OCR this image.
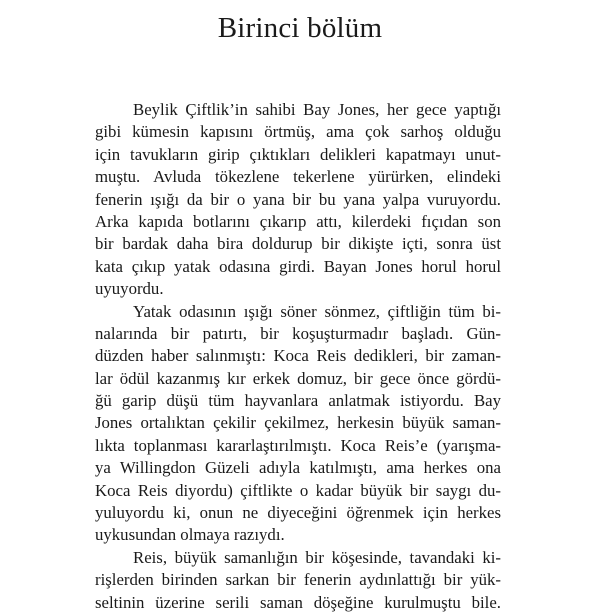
Birinci bölüm
Beylik Çiftlik’in sahibi Bay Jones, her gece yaptığı
gibi kümesin kapısını örtmüş, ama çok sarhoş olduğu
için tavukların girip çıktıkları delikleri kapatmayı unut-
muştu. Avluda tökezlene tekerlene yürürken, elindeki
fenerin ışığı da bir o yana bir bu yana yalpa vuruyordu.
Arka kapıda botlarını çıkarıp attı, kilerdeki fıçıdan son
bir bardak daha bira doldurup bir dikişte içti, sonra üst
kata çıkıp yatak odasına girdi. Bayan Jones horul horul
uyuyordu.
Yatak odasının ışığı söner sönmez, çiftliğin tüm bi-
nalarında bir patırtı, bir koşuşturmadır başladı. Gün-
düzden haber salınmıştı: Koca Reis dedikleri, bir zaman-
lar ödül kazanmış kır erkek domuz, bir gece önce gördü-
ğü garip düşü tüm hayvanlara anlatmak istiyordu. Bay
Jones ortalıktan çekilir çekilmez, herkesin büyük saman-
lıkta toplanması kararlaştırılmıştı. Koca Reis’e (yarışma-
ya Willingdon Güzeli adıyla katılmıştı, ama herkes ona
Koca Reis diyordu) çiftlikte o kadar büyük bir saygı du-
yuluyordu ki, onun ne diyeceğini öğrenmek için herkes
uykusundan olmaya razıydı.
Reis, büyük samanlığın bir köşesinde, tavandaki ki-
rişlerden birinden sarkan bir fenerin aydınlattığı bir yük-
seltinin üzerine serili saman döşeğine kurulmuştu bile.
